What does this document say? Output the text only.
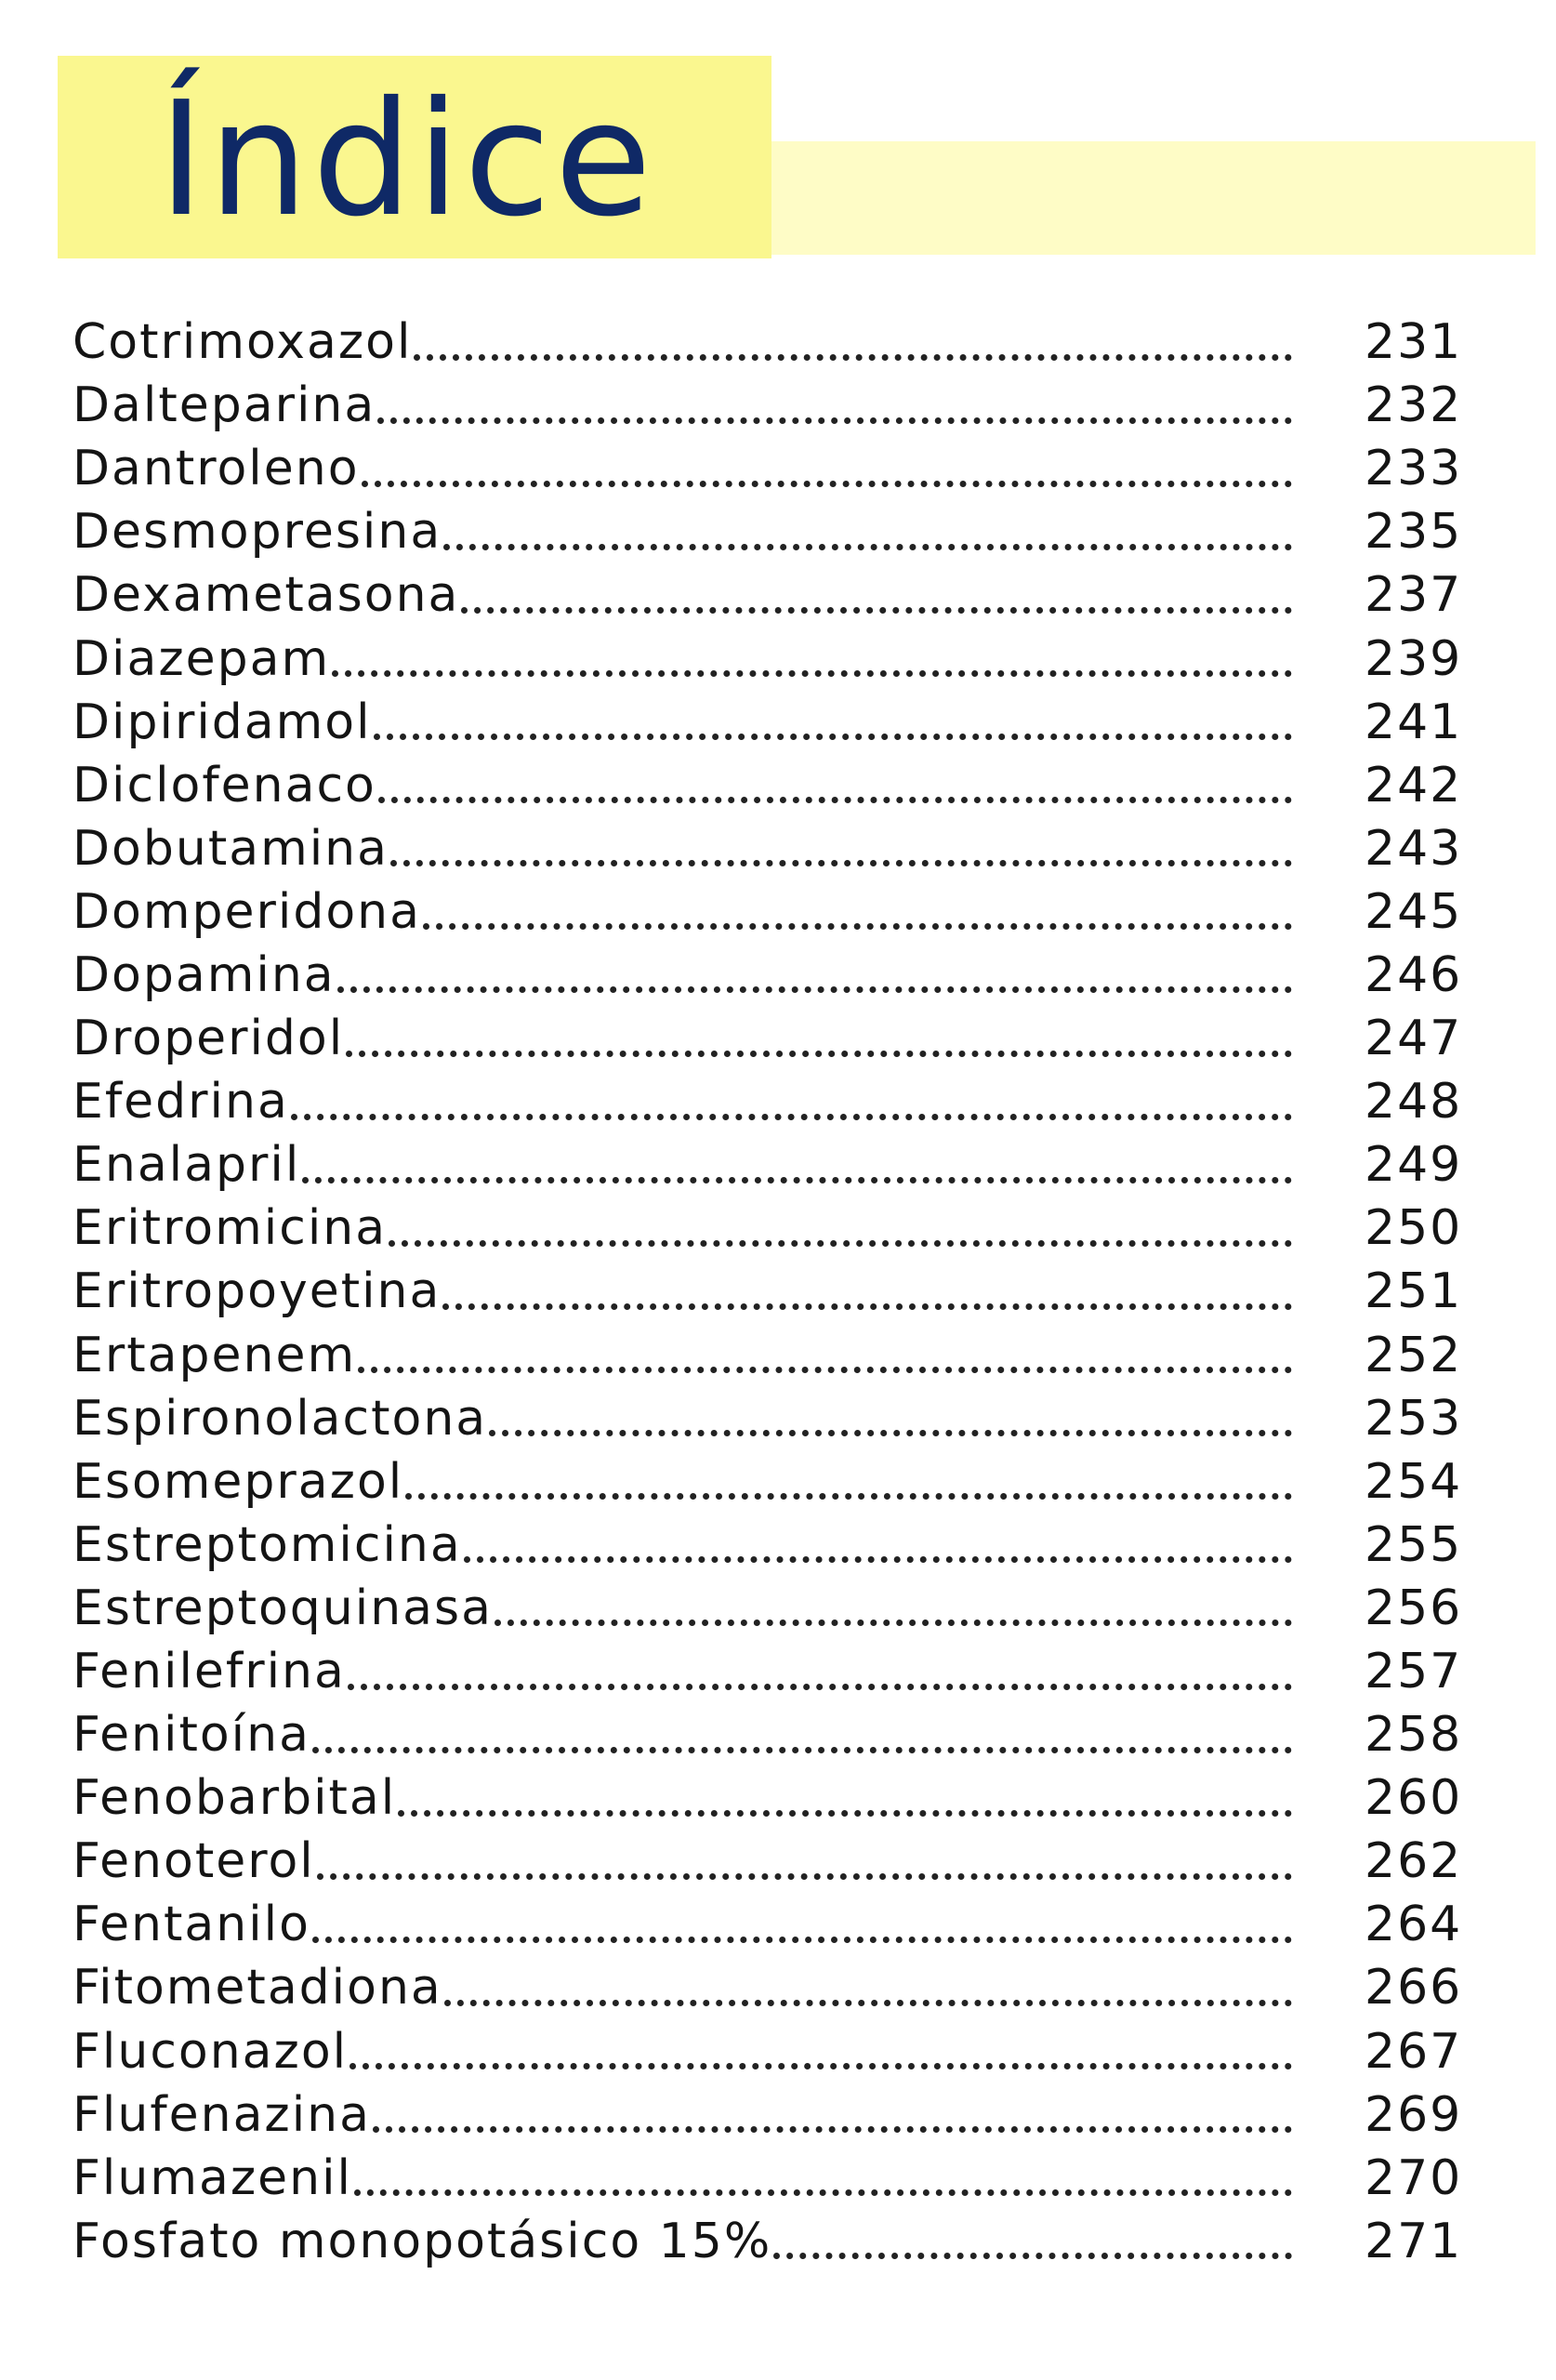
Índice
Cotrimoxazol	231
Dalteparina	232
Dantroleno	233
Desmopresina	235
Dexametasona	237
Diazepam	239
Dipiridamol	241
Diclofenaco	242
Dobutamina	243
Domperidona	245
Dopamina	246
Droperidol	247
Efedrina	248
Enalapril	249
Eritromicina	250
Eritropoyetina	251
Ertapenem	252
Espironolactona	253
Esomeprazol	254
Estreptomicina	255
Estreptoquinasa	256
Fenilefrina	257
Fenitoína	258
Fenobarbital	260
Fenoterol	262
Fentanilo	264
Fitometadiona	266
Fluconazol	267
Flufenazina	269
Flumazenil	270
Fosfato monopotásico 15%	271
